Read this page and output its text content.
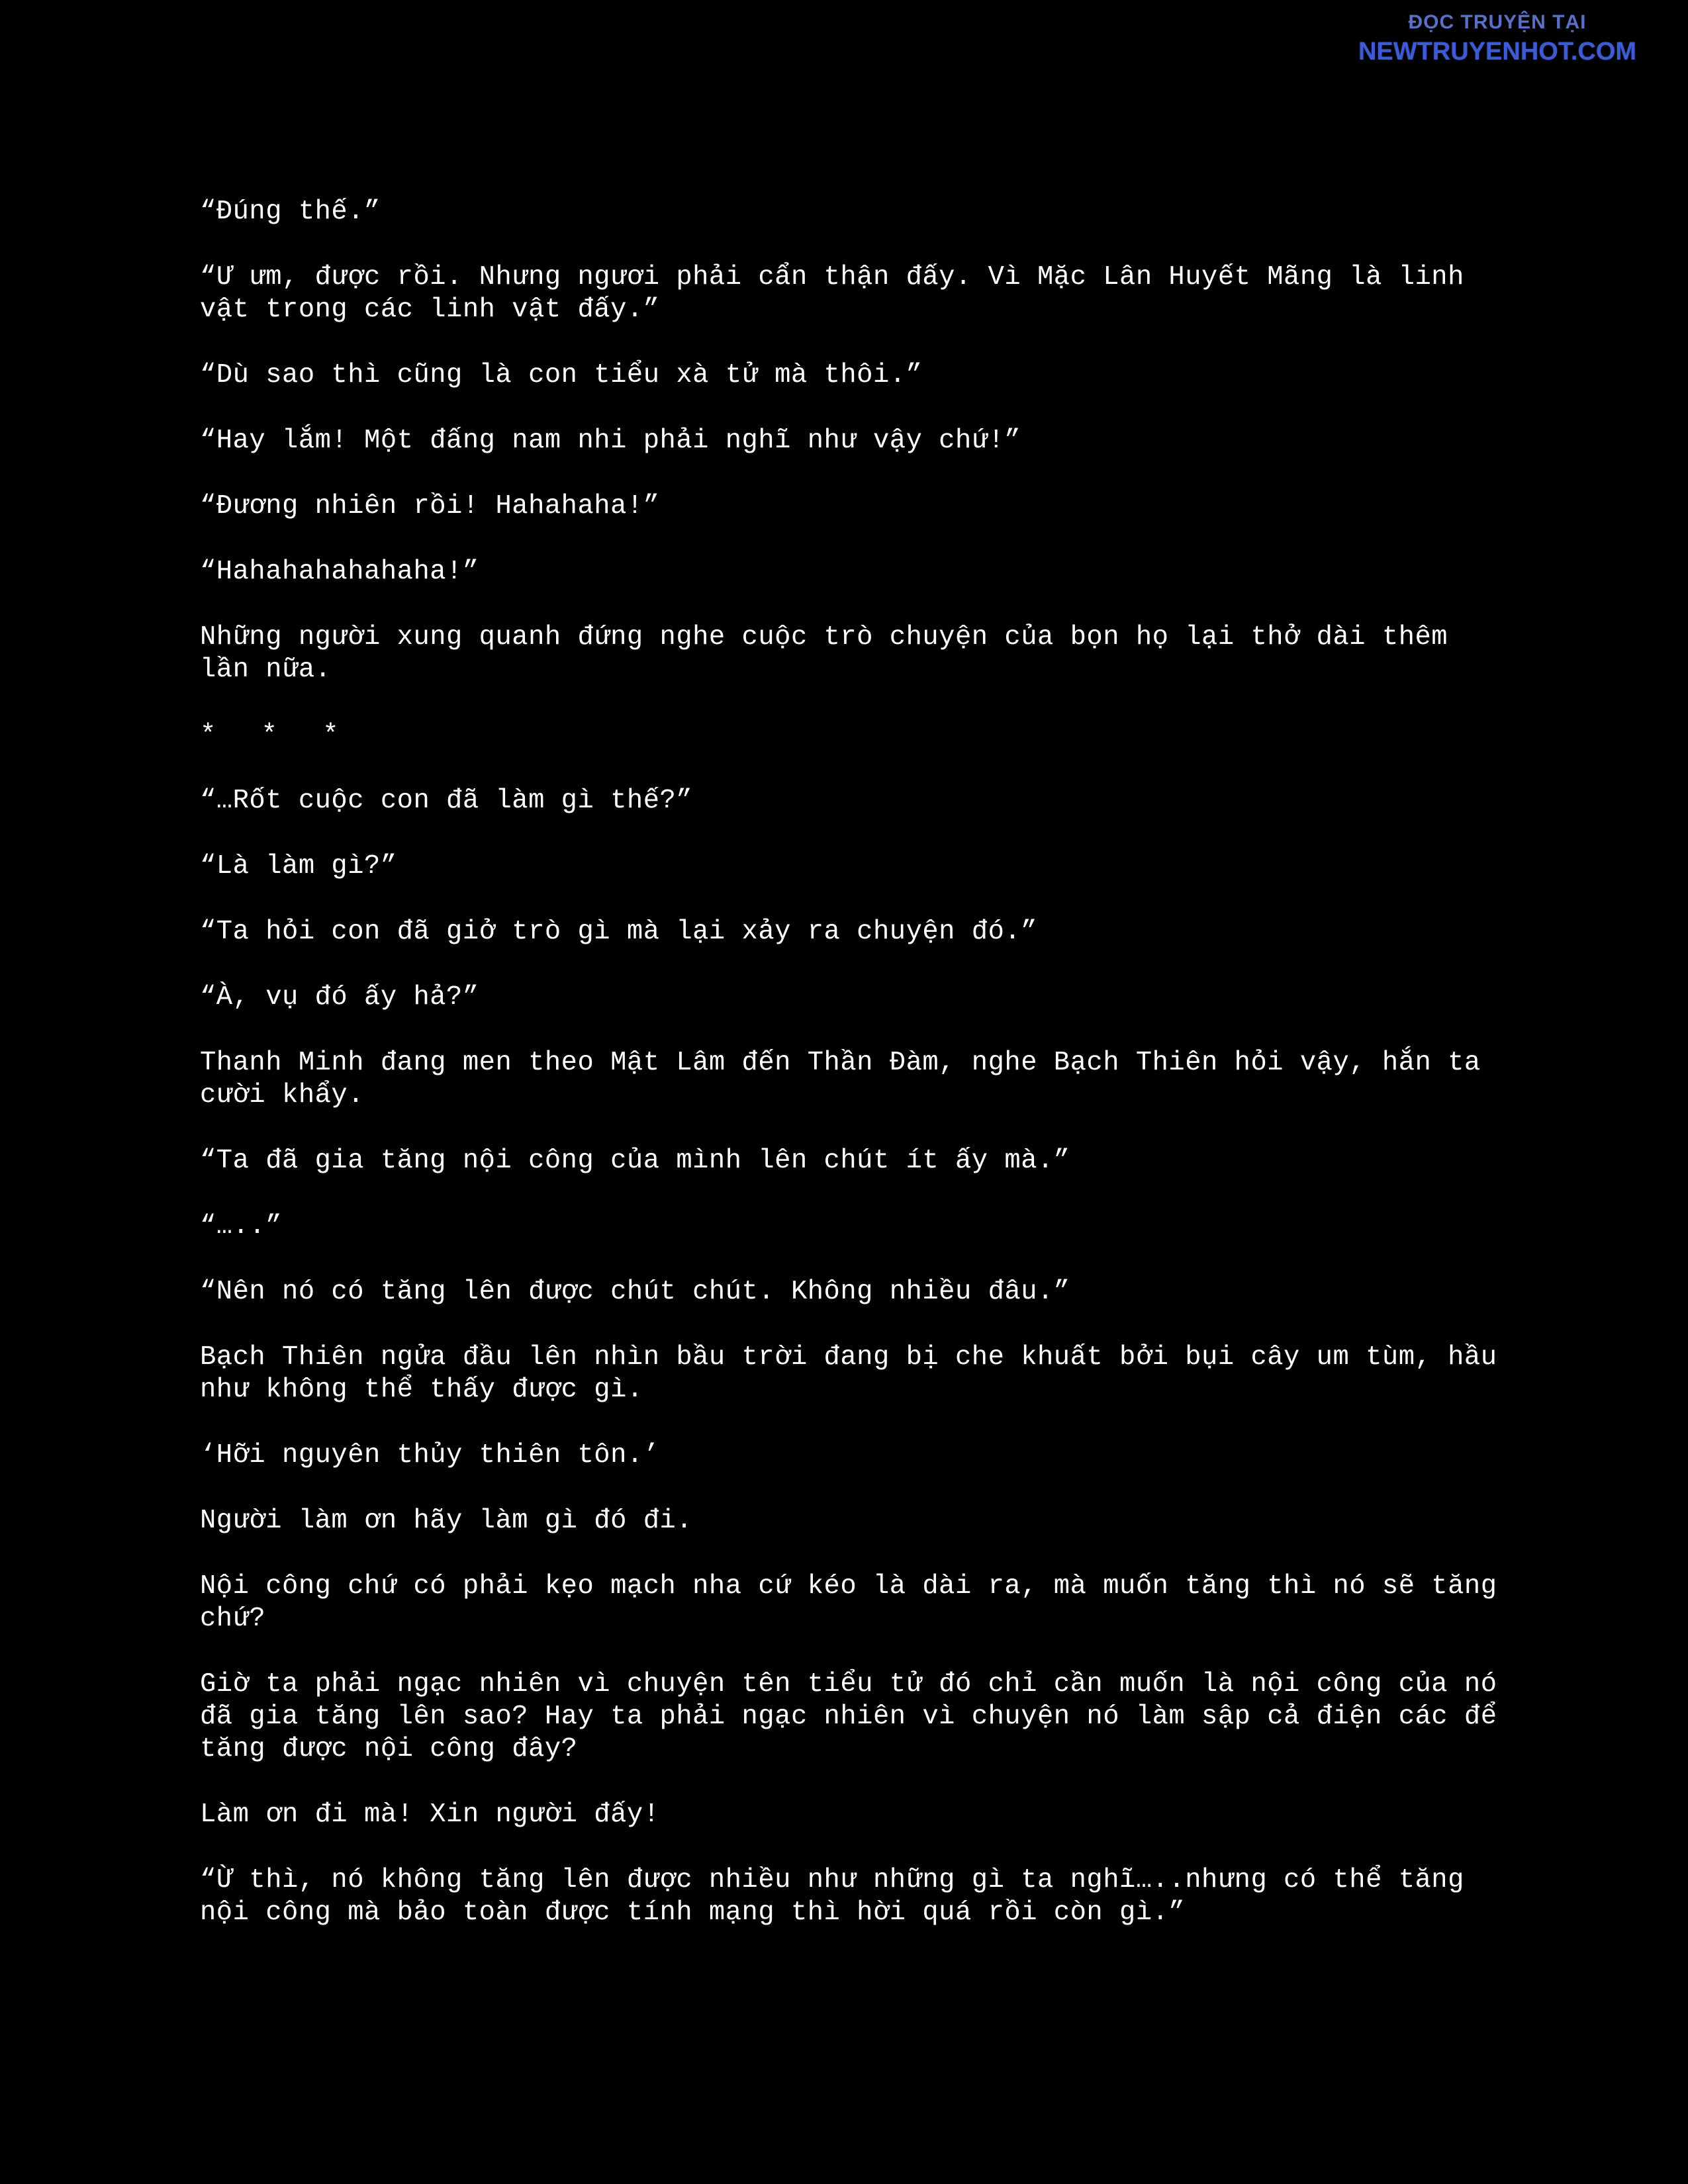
ĐỌC TRUYỆN TẠI
NEWTRUYENHOT.COM

“Đúng thế.”

“Ư ưm, được rồi. Nhưng ngươi phải cẩn thận đấy. Vì Mặc Lân Huyết Mãng là linh vật trong các linh vật đấy.”

“Dù sao thì cũng là con tiểu xà tử mà thôi.”

“Hay lắm! Một đấng nam nhi phải nghĩ như vậy chứ!”

“Đương nhiên rồi! Hahahaha!”

“Hahahahahahaha!”

Những người xung quanh đứng nghe cuộc trò chuyện của bọn họ lại thở dài thêm lần nữa.

* * *

“…Rốt cuộc con đã làm gì thế?”

“Là làm gì?”

“Ta hỏi con đã giở trò gì mà lại xảy ra chuyện đó.”

“À, vụ đó ấy hả?”

Thanh Minh đang men theo Mật Lâm đến Thần Đàm, nghe Bạch Thiên hỏi vậy, hắn ta cười khẩy.

“Ta đã gia tăng nội công của mình lên chút ít ấy mà.”

“…..”

“Nên nó có tăng lên được chút chút. Không nhiều đâu.”

Bạch Thiên ngửa đầu lên nhìn bầu trời đang bị che khuất bởi bụi cây um tùm, hầu như không thể thấy được gì.

‘Hỡi nguyên thủy thiên tôn.’

Người làm ơn hãy làm gì đó đi.

Nội công chứ có phải kẹo mạch nha cứ kéo là dài ra, mà muốn tăng thì nó sẽ tăng chứ?

Giờ ta phải ngạc nhiên vì chuyện tên tiểu tử đó chỉ cần muốn là nội công của nó đã gia tăng lên sao? Hay ta phải ngạc nhiên vì chuyện nó làm sập cả điện các để tăng được nội công đây?

Làm ơn đi mà! Xin người đấy!

“Ừ thì, nó không tăng lên được nhiều như những gì ta nghĩ…..nhưng có thể tăng nội công mà bảo toàn được tính mạng thì hời quá rồi còn gì.”
